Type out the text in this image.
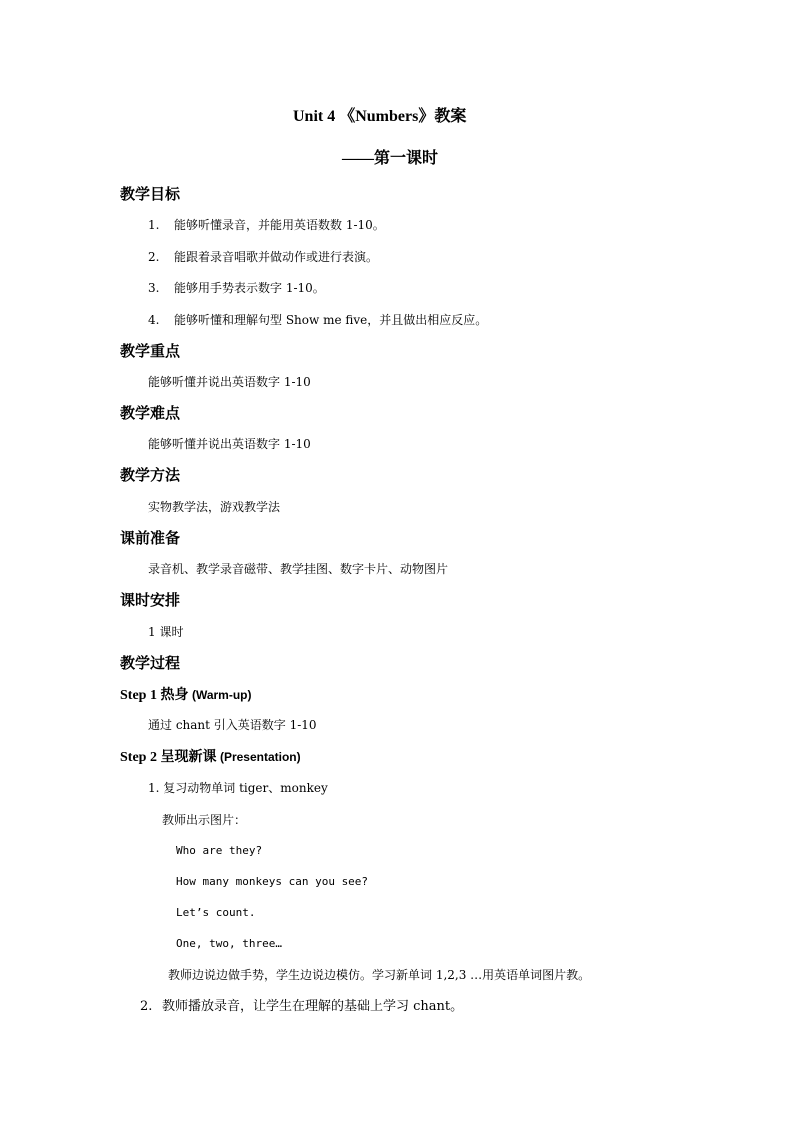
Unit 4 《Numbers》教案
——第一课时
教学目标
1. 能够听懂录音，并能用英语数数 1-10。
2. 能跟着录音唱歌并做动作或进行表演。
3. 能够用手势表示数字 1-10。
4. 能够听懂和理解句型 Show me five，并且做出相应反应。
教学重点
能够听懂并说出英语数字 1-10
教学难点
能够听懂并说出英语数字 1-10
教学方法
实物教学法，游戏教学法
课前准备
录音机、教学录音磁带、教学挂图、数字卡片、动物图片
课时安排
1 课时
教学过程
Step 1 热身 (Warm-up)
通过 chant 引入英语数字 1-10
Step 2 呈现新课 (Presentation)
1. 复习动物单词 tiger、monkey
教师出示图片：
Who are they?
How many monkeys can you see?
Let’s count.
One, two, three…
教师边说边做手势，学生边说边模仿。学习新单词 1,2,3 …用英语单词图片教。
2. 教师播放录音，让学生在理解的基础上学习 chant。
